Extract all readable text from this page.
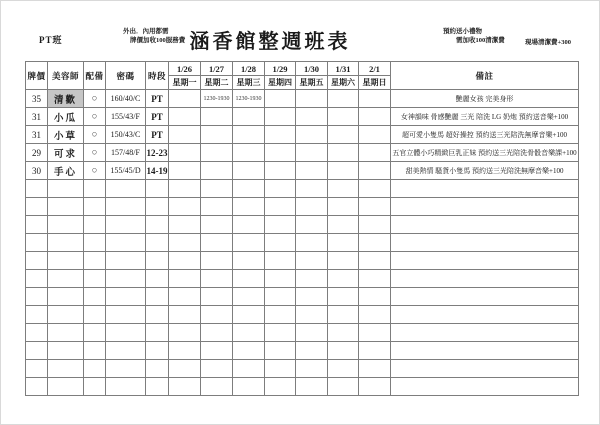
PT班
外出．內用都需
牌價加收100服務費 涵香館整週班表	預約送小禮物
需加收100清潔費	現場清潔費+300
牌價	美容師	配備	密碼	時段	1/26	1/27	1/28	1/29	1/30	1/31	2/1	備註
					星期一	星期二	星期三	星期四	星期五	星期六	星期日	
35	清歡	○	160/40/C	PT		1230-1930	1230-1930					艷麗女孩 完美身形
31	小瓜	○	155/43/F	PT								女神韻味 骨感艷麗 三光 陪洗 LG 奶炮 預約送音樂+100
31	小草	○	150/43/C	PT								超可愛小隻馬 超好操控 預約送三光陪洗無摩音樂+100
29	可求	○	157/48/F	12-23								五官立體小巧精緻巨乳正妹 預約送三光陪洗骨骰音樂課+100
30	手心	○	155/45/D	14-19								甜美熱情 騷貨小隻馬 預約送三光陪洗無摩音樂+100
